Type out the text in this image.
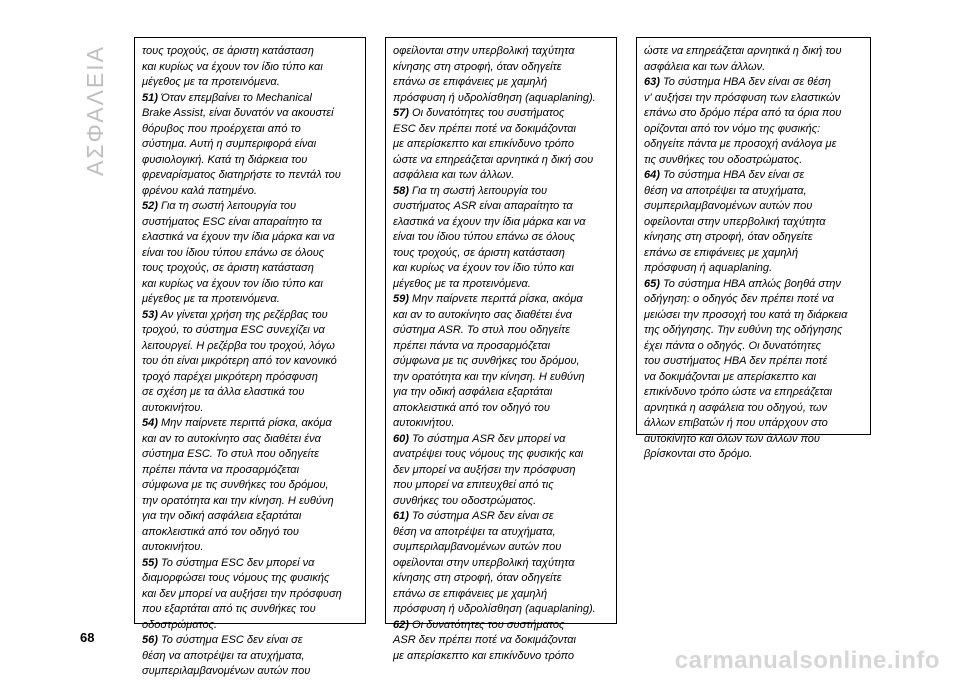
ΑΣΦΑΛΕΙΑ	τους τροχούς, σε άριστη κατάσταση
και κυρίως να έχουν τον ίδιο τύπο και
μέγεθος με τα προτεινόμενα.
51) Όταν επεμβαίνει το Mechanical
Brake Assist, είναι δυνατόν να ακουστεί
θόρυβος που προέρχεται από το
σύστημα. Αυτή η συμπεριφορά είναι
φυσιολογική. Κατά τη διάρκεια του
φρεναρίσματος διατηρήστε το πεντάλ του
φρένου καλά πατημένο.
52) Για τη σωστή λειτουργία του
συστήματος ESC είναι απαραίτητο τα
ελαστικά να έχουν την ίδια μάρκα και να
είναι του ίδιου τύπου επάνω σε όλους
τους τροχούς, σε άριστη κατάσταση
και κυρίως να έχουν τον ίδιο τύπο και
μέγεθος με τα προτεινόμενα.
53) Αν γίνεται χρήση της ρεζέρβας του
τροχού, το σύστημα ESC συνεχίζει να
λειτουργεί. Η ρεζέρβα του τροχού, λόγω
του ότι είναι μικρότερη από τον κανονικό
τροχό παρέχει μικρότερη πρόσφυση
σε σχέση με τα άλλα ελαστικά του
αυτοκινήτου.
54) Μην παίρνετε περιττά ρίσκα, ακόμα
και αν το αυτοκίνητο σας διαθέτει ένα
σύστημα ESC. Το στυλ που οδηγείτε
πρέπει πάντα να προσαρμόζεται
σύμφωνα με τις συνθήκες του δρόμου,
την ορατότητα και την κίνηση. Η ευθύνη
για την οδική ασφάλεια εξαρτάται
αποκλειστικά από τον οδηγό του
αυτοκινήτου.
55) Το σύστημα ESC δεν μπορεί να
διαμορφώσει τους νόμους της φυσικής
και δεν μπορεί να αυξήσει την πρόσφυση
που εξαρτάται από τις συνθήκες του
οδοστρώματος.
56) Το σύστημα ESC δεν είναι σε
θέση να αποτρέψει τα ατυχήματα,
συμπεριλαμβανομένων αυτών που
οφείλονται στην υπερβολική ταχύτητα
κίνησης στη στροφή, όταν οδηγείτε
επάνω σε επιφάνειες με χαμηλή
πρόσφυση ή υδρολίσθηση (aquaplaning).
57) Οι δυνατότητες του συστήματος
ESC δεν πρέπει ποτέ να δοκιμάζονται
με απερίσκεπτο και επικίνδυνο τρόπο
ώστε να επηρεάζεται αρνητικά η δική σου
ασφάλεια και των άλλων.
58) Για τη σωστή λειτουργία του
συστήματος ASR είναι απαραίτητο τα
ελαστικά να έχουν την ίδια μάρκα και να
είναι του ίδιου τύπου επάνω σε όλους
τους τροχούς, σε άριστη κατάσταση
και κυρίως να έχουν τον ίδιο τύπο και
μέγεθος με τα προτεινόμενα.
59) Μην παίρνετε περιττά ρίσκα, ακόμα
και αν το αυτοκίνητο σας διαθέτει ένα
σύστημα ASR. Το στυλ που οδηγείτε
πρέπει πάντα να προσαρμόζεται
σύμφωνα με τις συνθήκες του δρόμου,
την ορατότητα και την κίνηση. Η ευθύνη
για την οδική ασφάλεια εξαρτάται
αποκλειστικά από τον οδηγό του
αυτοκινήτου.
60) Το σύστημα ASR δεν μπορεί να
ανατρέψει τους νόμους της φυσικής και
δεν μπορεί να αυξήσει την πρόσφυση
που μπορεί να επιτευχθεί από τις
συνθήκες του οδοστρώματος.
61) Το σύστημα ASR δεν είναι σε
θέση να αποτρέψει τα ατυχήματα,
συμπεριλαμβανομένων αυτών που
οφείλονται στην υπερβολική ταχύτητα
κίνησης στη στροφή, όταν οδηγείτε
επάνω σε επιφάνειες με χαμηλή
πρόσφυση ή υδρολίσθηση (aquaplaning).
62) Οι δυνατότητες του συστήματος
ASR δεν πρέπει ποτέ να δοκιμάζονται
με απερίσκεπτο και επικίνδυνο τρόπο
ώστε να επηρεάζεται αρνητικά η δική του
ασφάλεια και των άλλων.
63) Το σύστημα HBA δεν είναι σε θέση
ν' αυξήσει την πρόσφυση των ελαστικών
επάνω στο δρόμο πέρα από τα όρια που
ορίζονται από τον νόμο της φυσικής:
οδηγείτε πάντα με προσοχή ανάλογα με
τις συνθήκες του οδοστρώματος.
64) Το σύστημα HBA δεν είναι σε
θέση να αποτρέψει τα ατυχήματα,
συμπεριλαμβανομένων αυτών που
οφείλονται στην υπερβολική ταχύτητα
κίνησης στη στροφή, όταν οδηγείτε
επάνω σε επιφάνειες με χαμηλή
πρόσφυση ή aquaplaning.
65) Το σύστημα HBA απλώς βοηθά στην
οδήγηση: ο οδηγός δεν πρέπει ποτέ να
μειώσει την προσοχή του κατά τη διάρκεια
της οδήγησης. Την ευθύνη της οδήγησης
έχει πάντα ο οδηγός. Οι δυνατότητες
του συστήματος HBA δεν πρέπει ποτέ
να δοκιμάζονται με απερίσκεπτο και
επικίνδυνο τρόπο ώστε να επηρεάζεται
αρνητικά η ασφάλεια του οδηγού, των
άλλων επιβατών ή που υπάρχουν στο
αυτοκίνητο και όλων των άλλων που
βρίσκονται στο δρόμο.
68
carmanualsonline.info
